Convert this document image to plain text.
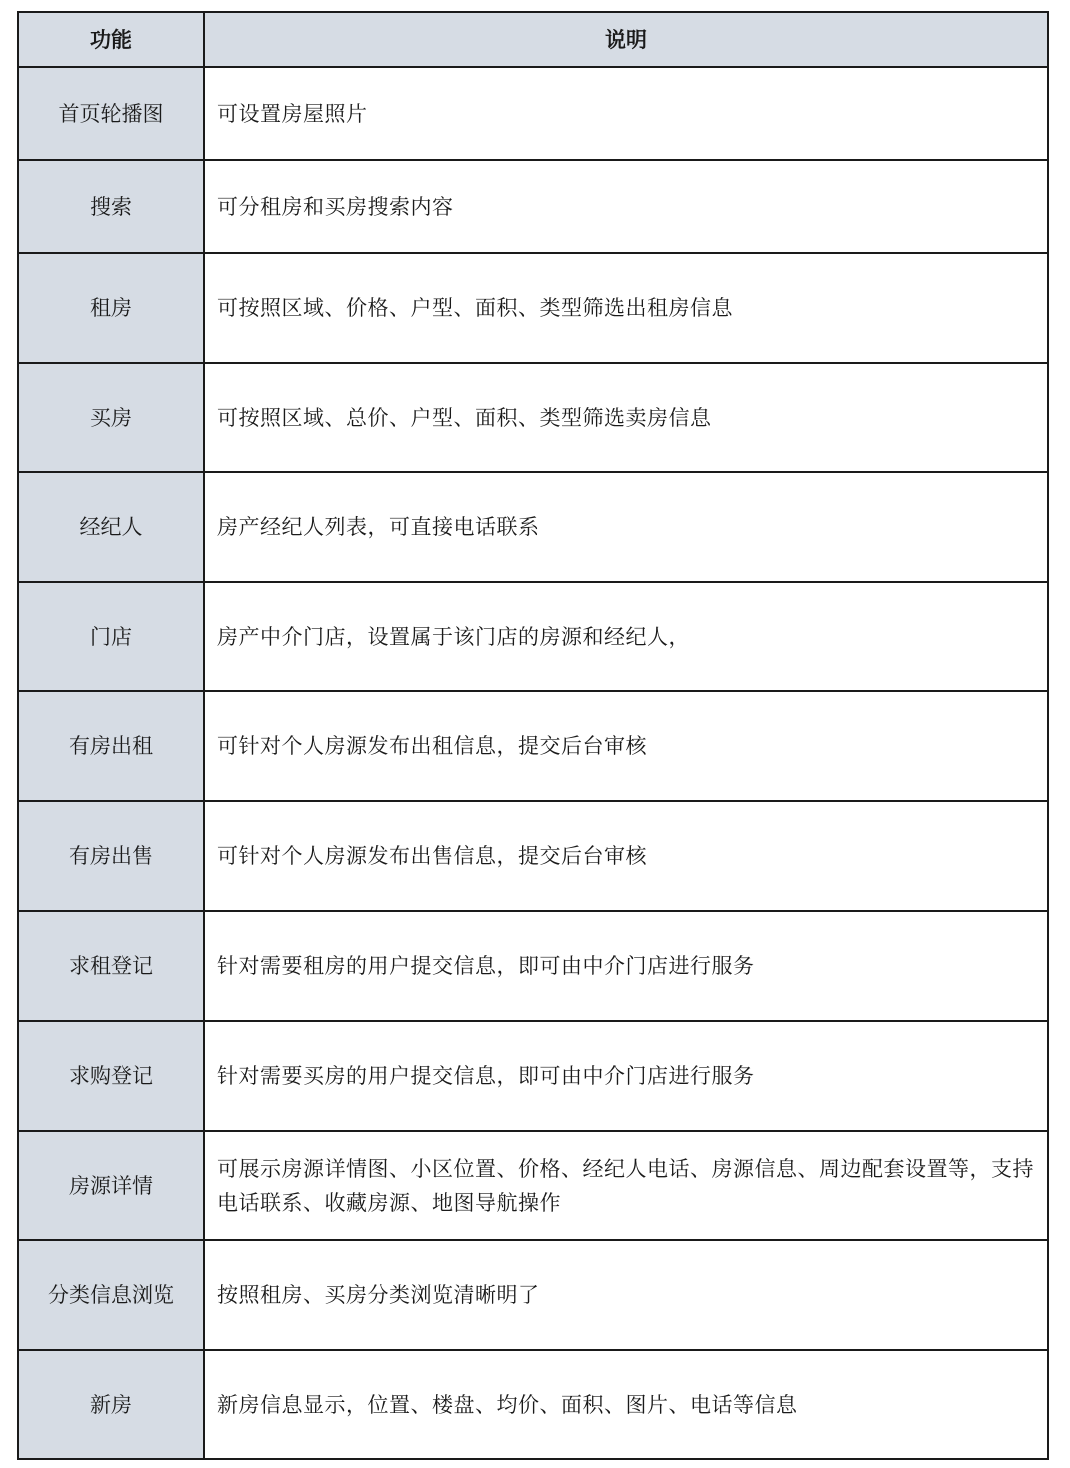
功能	说明
首页轮播图	可设置房屋照片
搜索	可分租房和买房搜索内容
租房	可按照区域、价格、户型、面积、类型筛选出租房信息
买房	可按照区域、总价、户型、面积、类型筛选卖房信息
经纪人	房产经纪人列表，可直接电话联系
门店	房产中介门店，设置属于该门店的房源和经纪人，
有房出租	可针对个人房源发布出租信息，提交后台审核
有房出售	可针对个人房源发布出售信息，提交后台审核
求租登记	针对需要租房的用户提交信息，即可由中介门店进行服务
求购登记	针对需要买房的用户提交信息，即可由中介门店进行服务
房源详情	可展示房源详情图、小区位置、价格、经纪人电话、房源信息、周边配套设置等，支持电话联系、收藏房源、地图导航操作
分类信息浏览	按照租房、买房分类浏览清晰明了
新房	新房信息显示，位置、楼盘、均价、面积、图片、电话等信息
